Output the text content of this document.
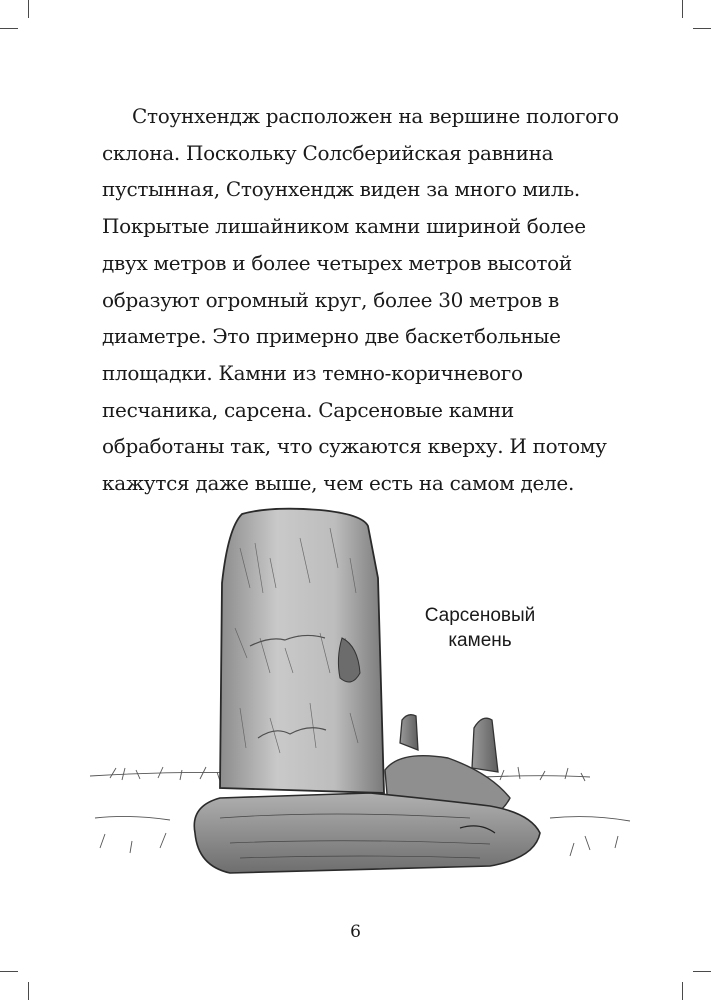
Стоунхендж расположен на вершине пологого
склона. Поскольку Солсберийская равнина
пустынная, Стоунхендж виден за много миль.
Покрытые лишайником камни шириной более
двух метров и более четырех метров высотой
образуют огромный круг, более 30 метров в
диаметре. Это примерно две баскетбольные
площадки. Камни из темно-коричневого
песчаника, сарсена. Сарсеновые камни
обработаны так, что сужаются кверху. И потому
кажутся даже выше, чем есть на самом деле.
Сарсеновый
камень
6
